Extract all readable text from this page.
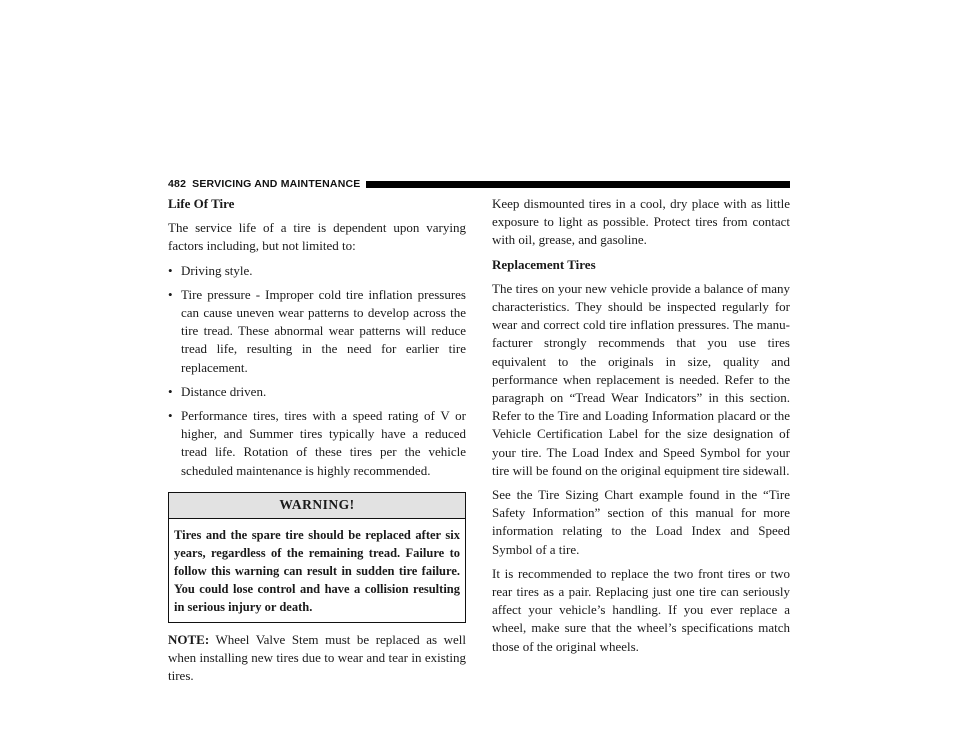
482 SERVICING AND MAINTENANCE
Life Of Tire

The service life of a tire is dependent upon varying factors including, but not limited to:

• Driving style.
• Tire pressure - Improper cold tire inflation pressures can cause uneven wear patterns to develop across the tire tread. These abnormal wear patterns will reduce tread life, resulting in the need for earlier tire replacement.
• Distance driven.
• Performance tires, tires with a speed rating of V or higher, and Summer tires typically have a reduced tread life. Rotation of these tires per the vehicle scheduled maintenance is highly recommended.
WARNING!
Tires and the spare tire should be replaced after six years, regardless of the remaining tread. Failure to follow this warning can result in sudden tire failure. You could lose control and have a collision resulting in serious injury or death.

NOTE: Wheel Valve Stem must be replaced as well when installing new tires due to wear and tear in existing tires.

Keep dismounted tires in a cool, dry place with as little exposure to light as possible. Protect tires from contact with oil, grease, and gasoline.

Replacement Tires

The tires on your new vehicle provide a balance of many characteristics. They should be inspected regularly for wear and correct cold tire inflation pressures. The manu-facturer strongly recommends that you use tires equivalent to the originals in size, quality and performance when replacement is needed. Refer to the paragraph on “Tread Wear Indicators” in this section. Refer to the Tire and Loading Information placard or the Vehicle Certification Label for the size designation of your tire. The Load Index and Speed Symbol for your tire will be found on the original equipment tire sidewall.

See the Tire Sizing Chart example found in the “Tire Safety Information” section of this manual for more information relating to the Load Index and Speed Symbol of a tire.

It is recommended to replace the two front tires or two rear tires as a pair. Replacing just one tire can seriously affect your vehicle’s handling. If you ever replace a wheel, make sure that the wheel’s specifications match those of the original wheels.
